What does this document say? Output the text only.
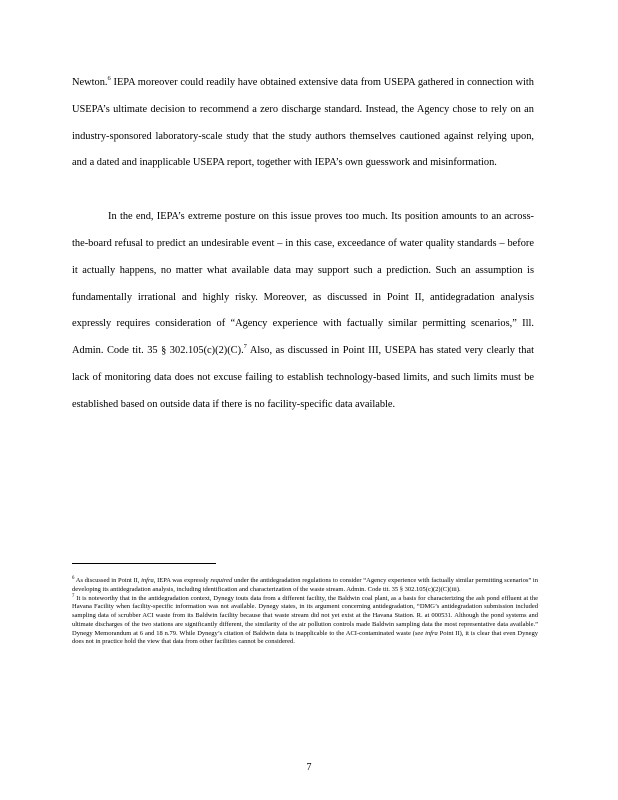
Newton.$^6$ IEPA moreover could readily have obtained extensive data from USEPA gathered in connection with USEPA’s ultimate decision to recommend a zero discharge standard. Instead, the Agency chose to rely on an industry-sponsored laboratory-scale study that the study authors themselves cautioned against relying upon, and a dated and inapplicable USEPA report, together with IEPA’s own guesswork and misinformation.

In the end, IEPA’s extreme posture on this issue proves too much. Its position amounts to an across-the-board refusal to predict an undesirable event – in this case, exceedance of water quality standards – before it actually happens, no matter what available data may support such a prediction. Such an assumption is fundamentally irrational and highly risky. Moreover, as discussed in Point II, antidegradation analysis expressly requires consideration of “Agency experience with factually similar permitting scenarios,” Ill. Admin. Code tit. 35 § 302.105(c)(2)(C).$^7$ Also, as discussed in Point III, USEPA has stated very clearly that lack of monitoring data does not excuse failing to establish technology-based limits, and such limits must be established based on outside data if there is no facility-specific data available.

$^6$ As discussed in Point II, infra, IEPA was expressly required under the antidegradation regulations to consider “Agency experience with factually similar permitting scenarios” in developing its antidegradation analysis, including identification and characterization of the waste stream. Admin. Code tit. 35 § 302.105(c)(2)(C)(iii).

$^7$ It is noteworthy that in the antidegradation context, Dynegy touts data from a different facility, the Baldwin coal plant, as a basis for characterizing the ash pond effluent at the Havana Facility when facility-specific information was not available. Dynegy states, in its argument concerning antidegradation, “DMG’s antidegradation submission included sampling data of scrubber ACI waste from its Baldwin facility because that waste stream did not yet exist at the Havana Station. R. at 000531. Although the pond systems and ultimate discharges of the two stations are significantly different, the similarity of the air pollution controls made Baldwin sampling data the most representative data available.” Dynegy Memorandum at 6 and 18 n.79. While Dynegy’s citation of Baldwin data is inapplicable to the ACI-contaminated waste (see infra Point II), it is clear that even Dynegy does not in practice hold the view that data from other facilities cannot be considered.

7
